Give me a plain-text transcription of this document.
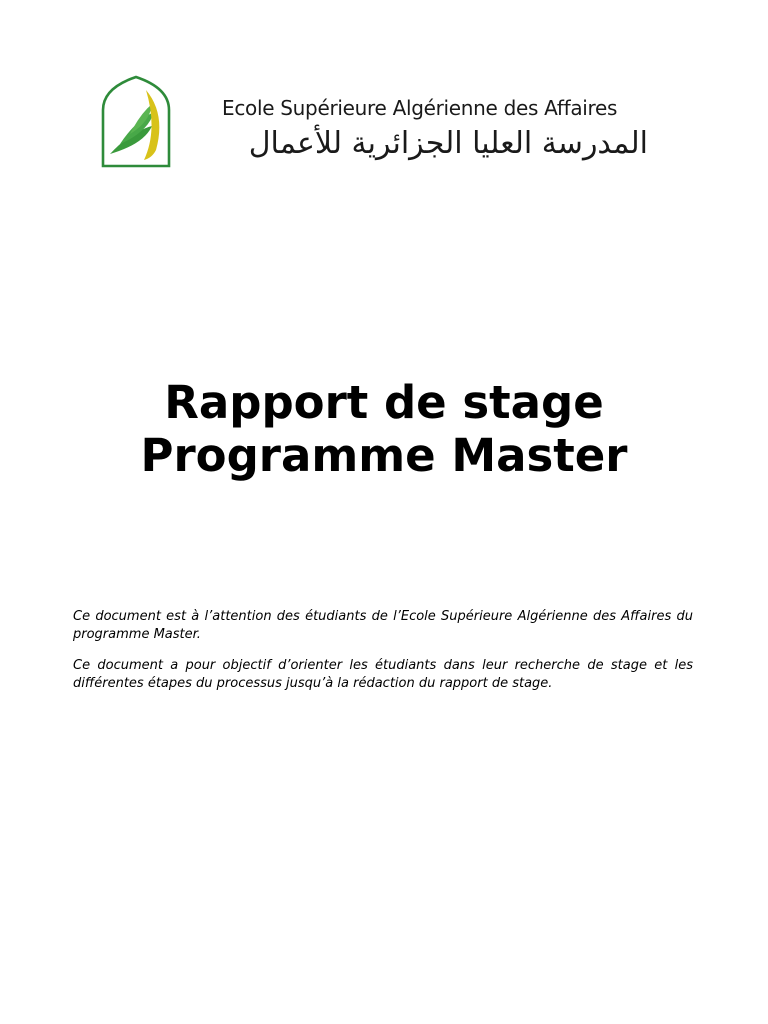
Ecole Supérieure Algérienne des Affaires
المدرسة العليا الجزائرية للأعمال
Rapport de stage
Programme Master

Ce document est à l’attention des étudiants de l’Ecole Supérieure Algérienne des Affaires du programme Master.

Ce document a pour objectif d’orienter les étudiants dans leur recherche de stage et les différentes étapes du processus jusqu’à la rédaction du rapport de stage.
